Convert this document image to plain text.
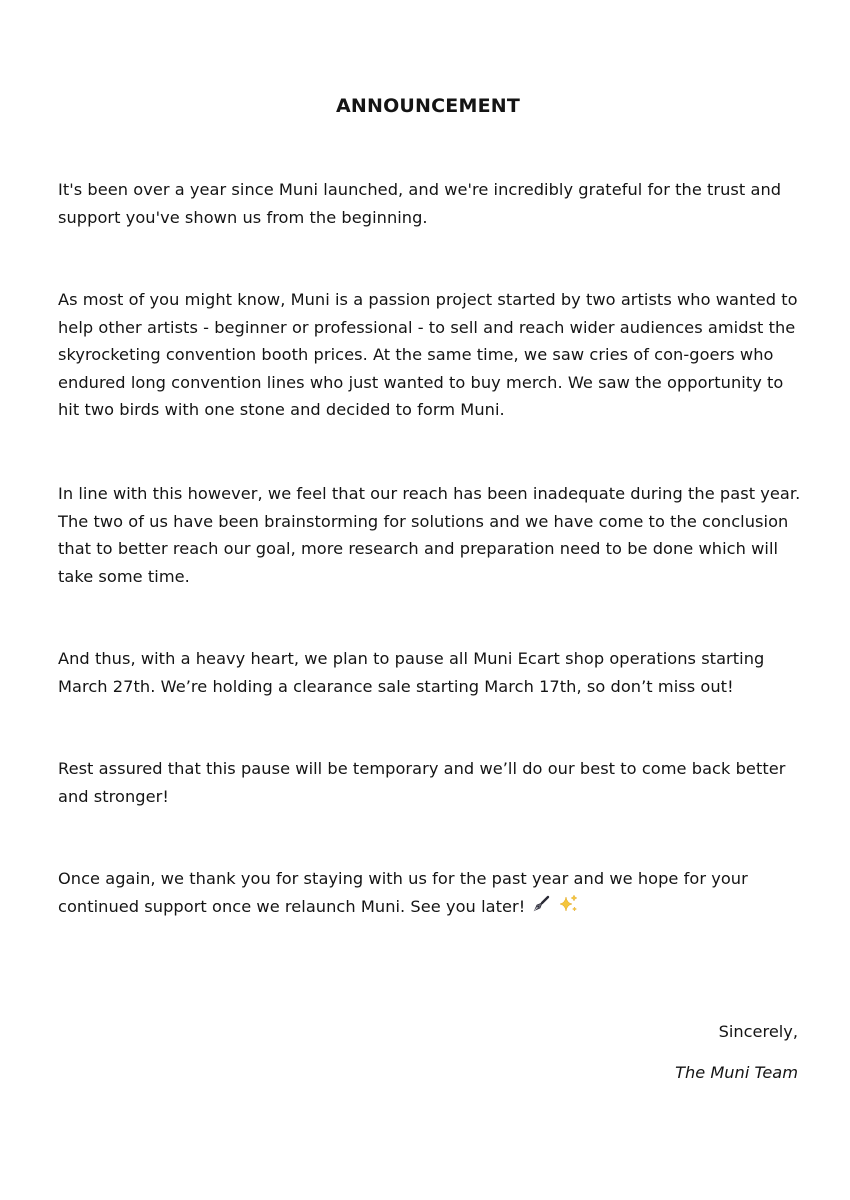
ANNOUNCEMENT

It's been over a year since Muni launched, and we're incredibly grateful for the trust and support you've shown us from the beginning.

As most of you might know, Muni is a passion project started by two artists who wanted to help other artists - beginner or professional - to sell and reach wider audiences amidst the skyrocketing convention booth prices. At the same time, we saw cries of con-goers who endured long convention lines who just wanted to buy merch. We saw the opportunity to hit two birds with one stone and decided to form Muni.

In line with this however, we feel that our reach has been inadequate during the past year. The two of us have been brainstorming for solutions and we have come to the conclusion that to better reach our goal, more research and preparation need to be done which will take some time.

And thus, with a heavy heart, we plan to pause all Muni Ecart shop operations starting March 27th. We’re holding a clearance sale starting March 17th, so don’t miss out!

Rest assured that this pause will be temporary and we’ll do our best to come back better and stronger!

Once again, we thank you for staying with us for the past year and we hope for your continued support once we relaunch Muni. See you later!

Sincerely,

The Muni Team
